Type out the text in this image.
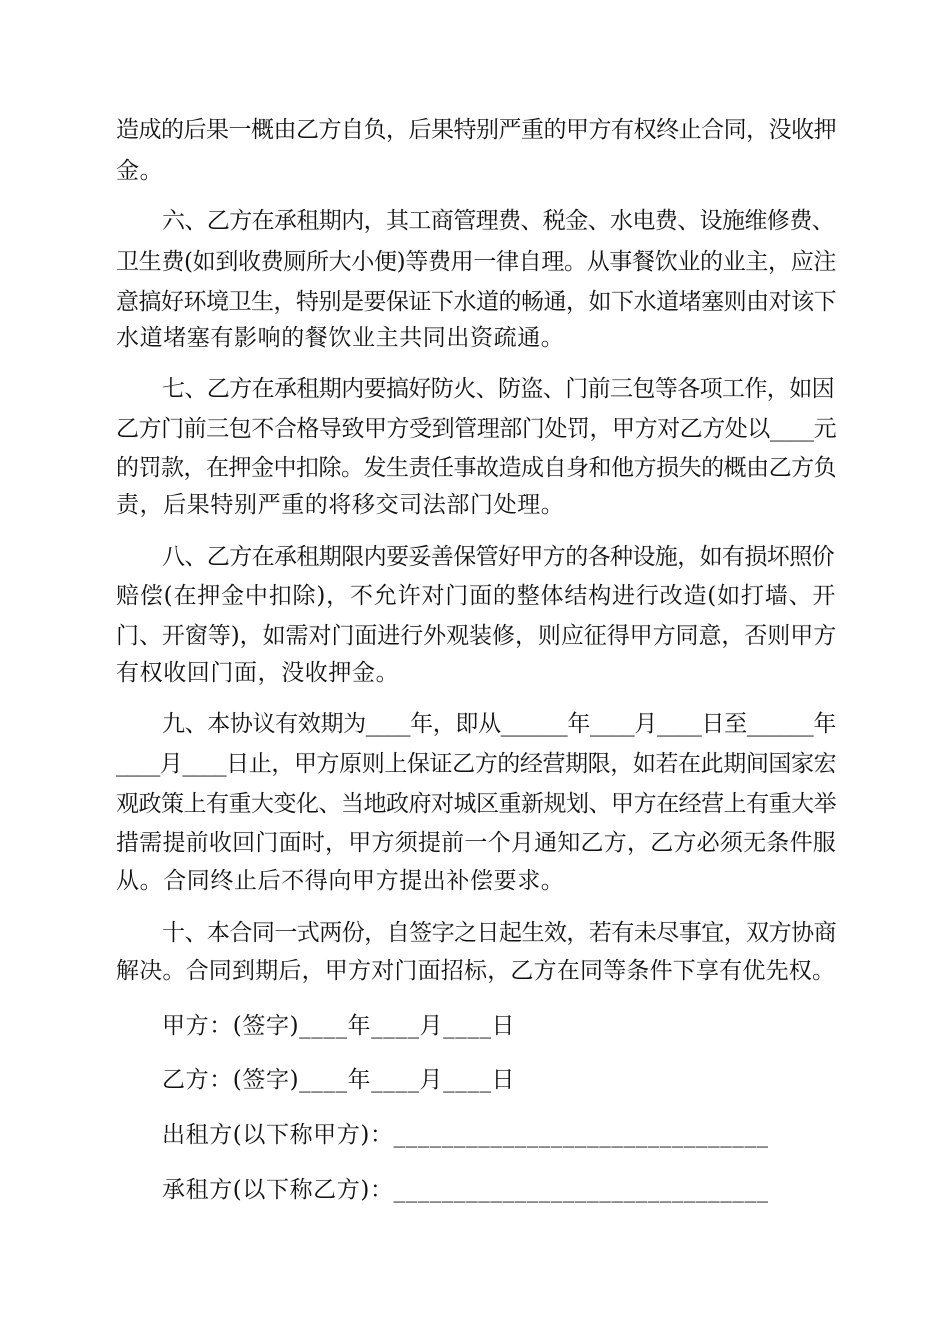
造成的后果一概由乙方自负，后果特别严重的甲方有权终止合同，没收押
金。
六、乙方在承租期内，其工商管理费、税金、水电费、设施维修费、
卫生费(如到收费厕所大小便)等费用一律自理。从事餐饮业的业主，应注
意搞好环境卫生，特别是要保证下水道的畅通，如下水道堵塞则由对该下
水道堵塞有影响的餐饮业主共同出资疏通。
七、乙方在承租期内要搞好防火、防盗、门前三包等各项工作，如因
乙方门前三包不合格导致甲方受到管理部门处罚，甲方对乙方处以____元
的罚款，在押金中扣除。发生责任事故造成自身和他方损失的概由乙方负
责，后果特别严重的将移交司法部门处理。
八、乙方在承租期限内要妥善保管好甲方的各种设施，如有损坏照价
赔偿(在押金中扣除)，不允许对门面的整体结构进行改造(如打墙、开
门、开窗等)，如需对门面进行外观装修，则应征得甲方同意，否则甲方
有权收回门面，没收押金。
九、本协议有效期为____年，即从______年____月____日至______年
____月____日止，甲方原则上保证乙方的经营期限，如若在此期间国家宏
观政策上有重大变化、当地政府对城区重新规划、甲方在经营上有重大举
措需提前收回门面时，甲方须提前一个月通知乙方，乙方必须无条件服
从。合同终止后不得向甲方提出补偿要求。
十、本合同一式两份，自签字之日起生效，若有未尽事宜，双方协商
解决。合同到期后，甲方对门面招标，乙方在同等条件下享有优先权。
甲方：(签字)____年____月____日
乙方：(签字)____年____月____日
出租方(以下称甲方)：_______________________________
承租方(以下称乙方)：_______________________________
